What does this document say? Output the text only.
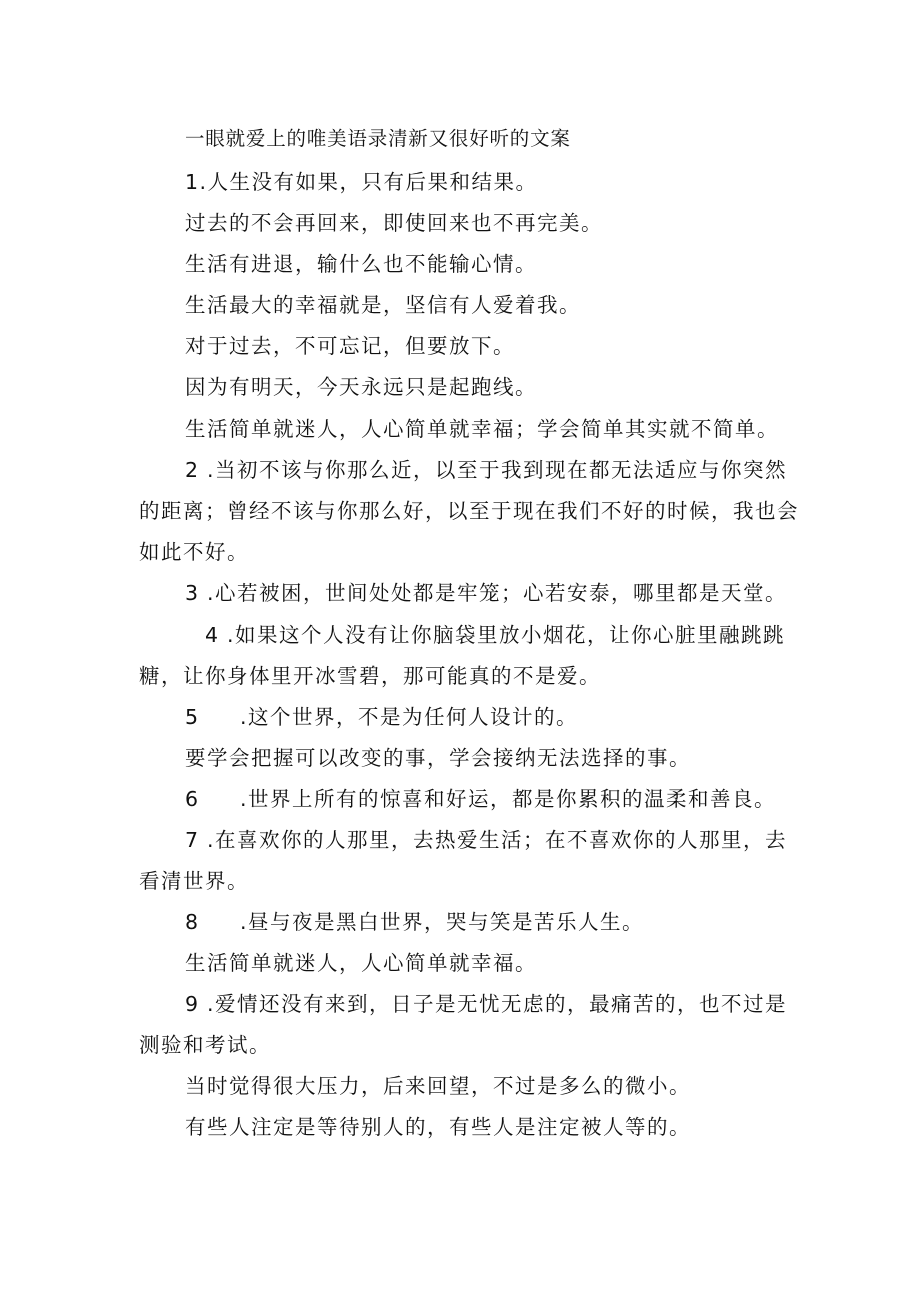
一眼就爱上的唯美语录清新又很好听的文案
1.人生没有如果，只有后果和结果。
过去的不会再回来，即使回来也不再完美。
生活有进退，输什么也不能输心情。
生活最大的幸福就是，坚信有人爱着我。
对于过去，不可忘记，但要放下。
因为有明天，今天永远只是起跑线。
生活简单就迷人，人心简单就幸福；学会简单其实就不简单。
2 .当初不该与你那么近，以至于我到现在都无法适应与你突然
的距离；曾经不该与你那么好，以至于现在我们不好的时候，我也会
如此不好。
3 .心若被困，世间处处都是牢笼；心若安泰，哪里都是天堂。
4 .如果这个人没有让你脑袋里放小烟花，让你心脏里融跳跳
糖，让你身体里开冰雪碧，那可能真的不是爱。
5 .这个世界，不是为任何人设计的。
要学会把握可以改变的事，学会接纳无法选择的事。
6 .世界上所有的惊喜和好运，都是你累积的温柔和善良。
7 .在喜欢你的人那里，去热爱生活；在不喜欢你的人那里，去
看清世界。
8 .昼与夜是黑白世界，哭与笑是苦乐人生。
生活简单就迷人，人心简单就幸福。
9 .爱情还没有来到，日子是无忧无虑的，最痛苦的，也不过是
测验和考试。
当时觉得很大压力，后来回望，不过是多么的微小。
有些人注定是等待别人的，有些人是注定被人等的。
